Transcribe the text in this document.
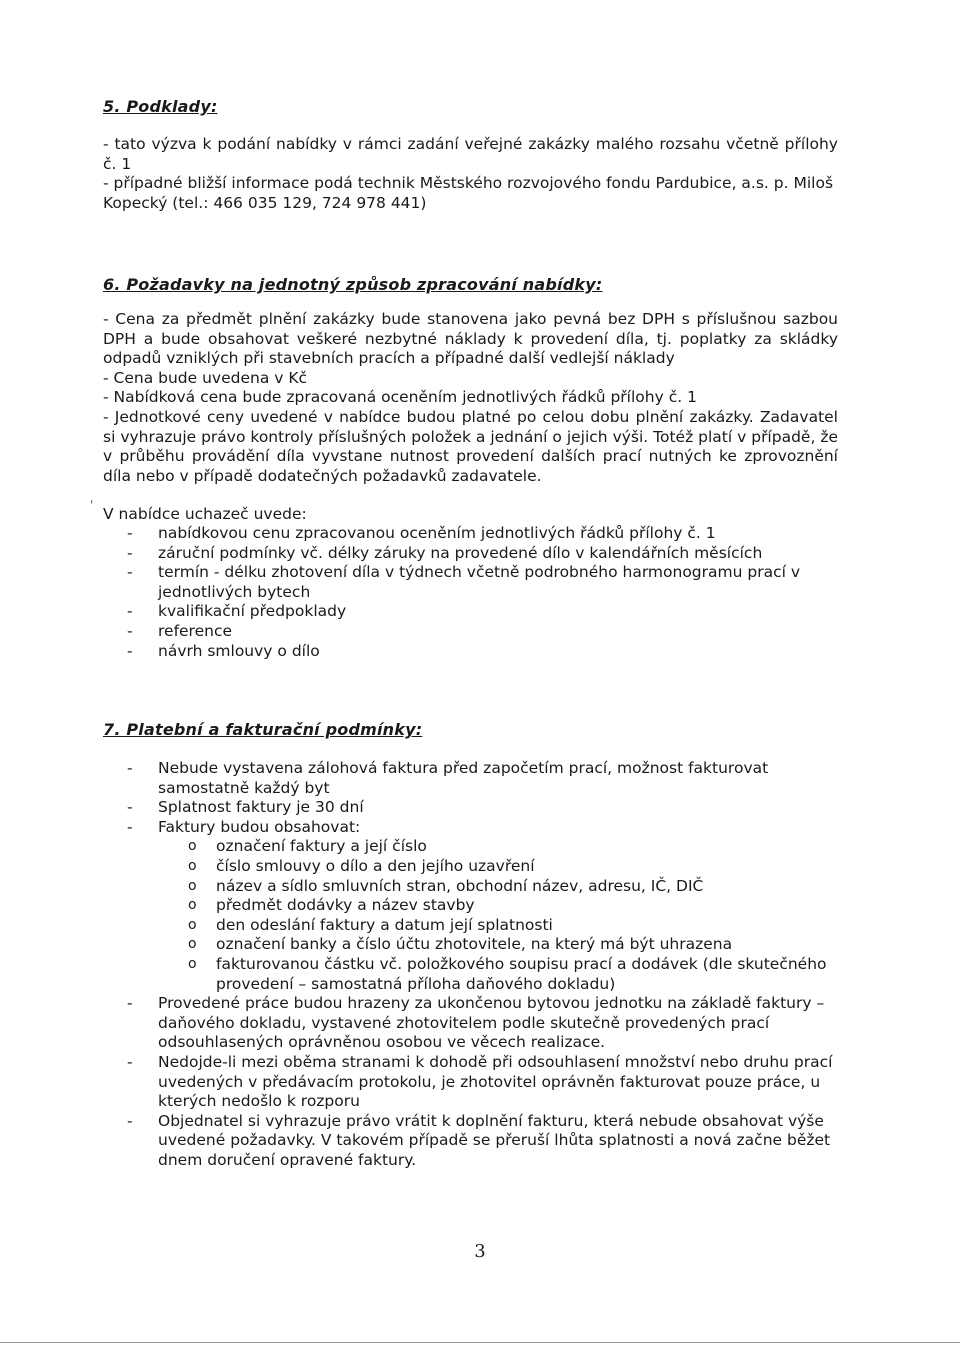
5. Podklady:

- tato výzva k podání nabídky v rámci zadání veřejné zakázky malého rozsahu včetně přílohy č. 1

- případné bližší informace podá technik Městského rozvojového fondu Pardubice, a.s. p. Miloš Kopecký (tel.: 466 035 129, 724 978 441)

6. Požadavky na jednotný způsob zpracování nabídky:

- Cena za předmět plnění zakázky bude stanovena jako pevná bez DPH s příslušnou sazbou DPH a bude obsahovat veškeré nezbytné náklady k provedení díla, tj. poplatky za skládky odpadů vzniklých při stavebních pracích a případné další vedlejší náklady

- Cena bude uvedena v Kč

- Nabídková cena bude zpracovaná oceněním jednotlivých řádků přílohy č. 1

- Jednotkové ceny uvedené v nabídce budou platné po celou dobu plnění zakázky. Zadavatel si vyhrazuje právo kontroly příslušných položek a jednání o jejich výši. Totéž platí v případě, že v průběhu provádění díla vyvstane nutnost provedení dalších prací nutných ke zprovoznění díla nebo v případě dodatečných požadavků zadavatele.

' V nabídce uchazeč uvede:

- nabídkovou cenu zpracovanou oceněním jednotlivých řádků přílohy č. 1
- záruční podmínky vč. délky záruky na provedené dílo v kalendářních měsících
- termín - délku zhotovení díla v týdnech včetně podrobného harmonogramu prací v jednotlivých bytech
- kvalifikační předpoklady
- reference
- návrh smlouvy o dílo
7. Platební a fakturační podmínky:
- Nebude vystavena zálohová faktura před započetím prací, možnost fakturovat samostatně každý byt
- Splatnost faktury je 30 dní
- Faktury budou obsahovat:
o označení faktury a její číslo
o číslo smlouvy o dílo a den jejího uzavření
o název a sídlo smluvních stran, obchodní název, adresu, IČ, DIČ
o předmět dodávky a název stavby
o den odeslání faktury a datum její splatnosti
o označení banky a číslo účtu zhotovitele, na který má být uhrazena
o fakturovanou částku vč. položkového soupisu prací a dodávek (dle skutečného provedení – samostatná příloha daňového dokladu)
- Provedené práce budou hrazeny za ukončenou bytovou jednotku na základě faktury – daňového dokladu, vystavené zhotovitelem podle skutečně provedených prací odsouhlasených oprávněnou osobou ve věcech realizace.
- Nedojde-li mezi oběma stranami k dohodě při odsouhlasení množství nebo druhu prací uvedených v předávacím protokolu, je zhotovitel oprávněn fakturovat pouze práce, u kterých nedošlo k rozporu
- Objednatel si vyhrazuje právo vrátit k doplnění fakturu, která nebude obsahovat výše uvedené požadavky. V takovém případě se přeruší lhůta splatnosti a nová začne běžet dnem doručení opravené faktury.
3
